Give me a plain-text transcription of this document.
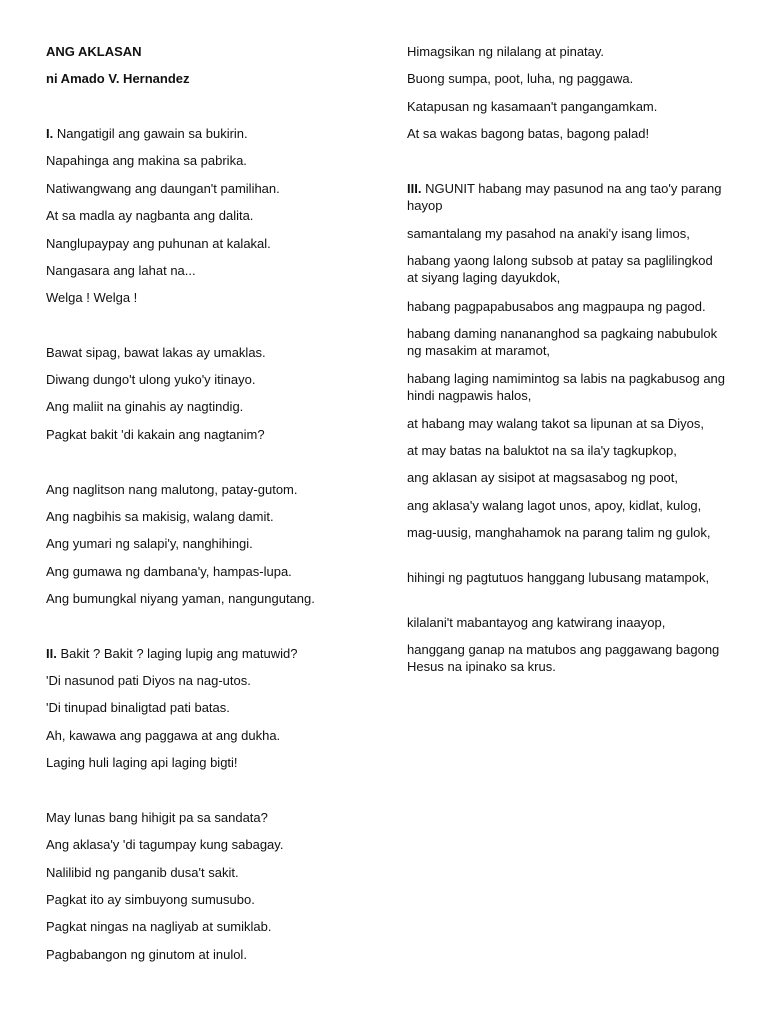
ANG AKLASAN
ni Amado V. Hernandez
I. Nangatigil ang gawain sa bukirin.
Napahinga ang makina sa pabrika.
Natiwangwang ang daungan't pamilihan.
At sa madla ay nagbanta ang dalita.
Nanglupaypay ang puhunan at kalakal.
Nangasara ang lahat na...
Welga ! Welga !
Bawat sipag, bawat lakas ay umaklas.
Diwang dungo't ulong yuko'y itinayo.
Ang maliit na ginahis ay nagtindig.
Pagkat bakit 'di kakain ang nagtanim?
Ang naglitson nang malutong, patay-gutom.
Ang nagbihis sa makisig, walang damit.
Ang yumari ng salapi'y, nanghihingi.
Ang gumawa ng dambana'y, hampas-lupa.
Ang bumungkal niyang yaman, nangungutang.
II. Bakit ? Bakit ? laging lupig ang matuwid?
'Di nasunod pati Diyos na nag-utos.
'Di tinupad binaligtad pati batas.
Ah, kawawa ang paggawa at ang dukha.
Laging huli laging api laging bigti!
May lunas bang hihigit pa sa sandata?
Ang aklasa'y 'di tagumpay kung sabagay.
Nalilibid ng panganib dusa't sakit.
Pagkat ito ay simbuyong sumusubo.
Pagkat ningas na nagliyab at sumiklab.
Pagbabangon ng ginutom at inulol.
Himagsikan ng nilalang at pinatay.
Buong sumpa, poot, luha, ng paggawa.
Katapusan ng kasamaan't pangangamkam.
At sa wakas bagong batas, bagong palad!
III. NGUNIT habang may pasunod na ang tao'y parang hayop
samantalang my pasahod na anaki'y isang limos,
habang yaong lalong subsob at patay sa paglilingkod at siyang laging dayukdok,
habang pagpapabusabos ang magpaupa ng pagod.
habang daming nanananghod sa pagkaing nabubulok ng masakim at maramot,
habang laging namimintog sa labis na pagkabusog ang hindi nagpawis halos,
at habang may walang takot sa lipunan at sa Diyos,
at may batas na baluktot na sa ila'y tagkupkop,
ang aklasan ay sisipot at magsasabog ng poot,
ang aklasa'y walang lagot unos, apoy, kidlat, kulog,
mag-uusig, manghahamok na parang talim ng gulok,
hihingi ng pagtutuos hanggang lubusang matampok,
kilalani't mabantayog ang katwirang inaayop,
hanggang ganap na matubos ang paggawang bagong Hesus na ipinako sa krus.
